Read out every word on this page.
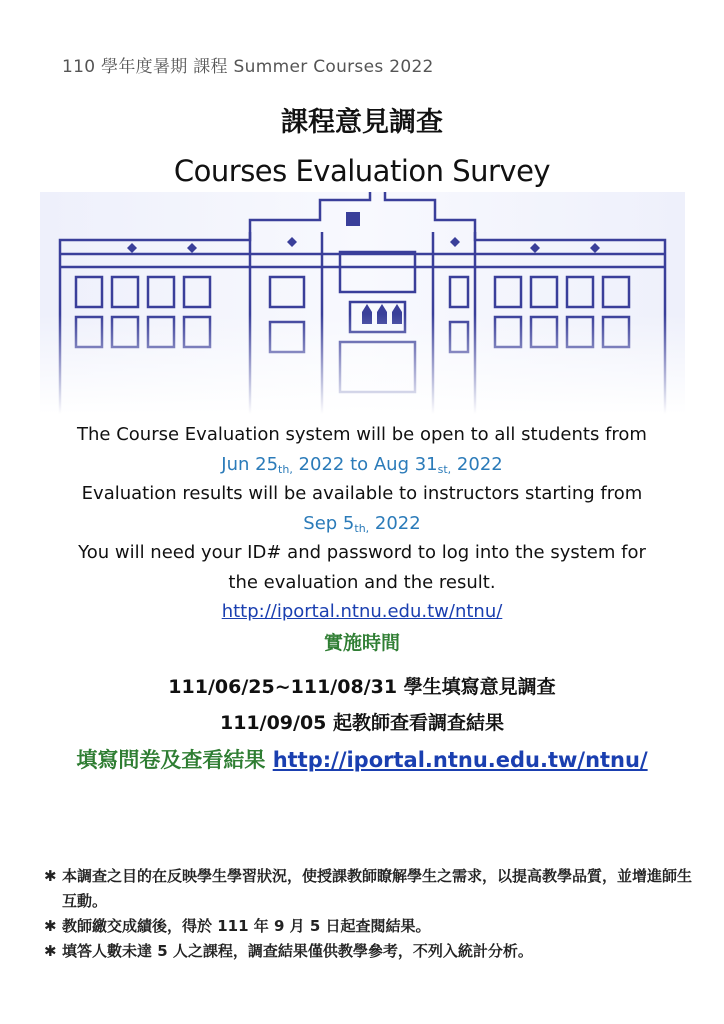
110 學年度暑期 課程 Summer Courses 2022
課程意見調查
Courses Evaluation Survey
The Course Evaluation system will be open to all students from
Jun $25_{th,}$ 2022 to Aug $31_{st,}$ 2022
Evaluation results will be available to instructors starting from
Sep $5_{th,}$ 2022
You will need your ID# and password to log into the system for
the evaluation and the result.
http://iportal.ntnu.edu.tw/ntnu/
實施時間
111/06/25~111/08/31 學生填寫意見調查
111/09/05 起教師查看調查結果
填寫問卷及查看結果 http://iportal.ntnu.edu.tw/ntnu/
✱ 本調查之目的在反映學生學習狀況，使授課教師瞭解學生之需求，以提高教學品質，並增進師生互動。
✱ 教師繳交成績後，得於 111 年 9 月 5 日起查閱結果。
✱ 填答人數未達 5 人之課程，調查結果僅供教學參考，不列入統計分析。
